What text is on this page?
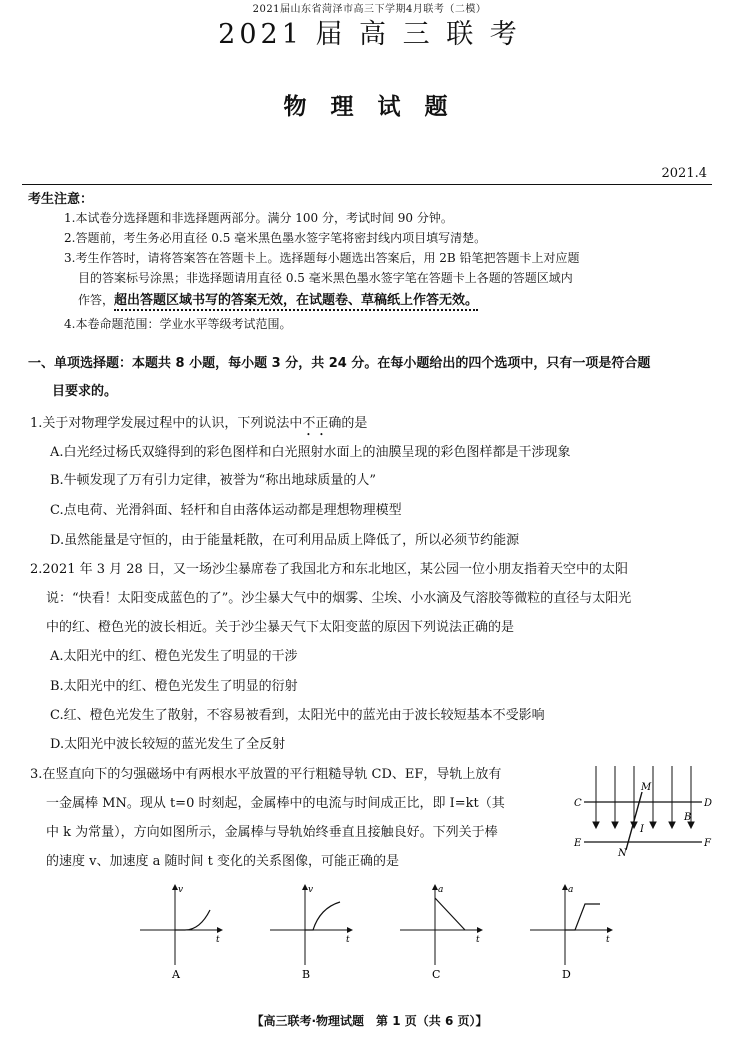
2021届山东省菏泽市高三下学期4月联考（二模）
2021 届 高 三 联 考
物 理 试 题
2021.4
考生注意：
1.本试卷分选择题和非选择题两部分。满分 100 分，考试时间 90 分钟。
2.答题前，考生务必用直径 0.5 毫米黑色墨水签字笔将密封线内项目填写清楚。
3.考生作答时，请将答案答在答题卡上。选择题每小题选出答案后，用 2B 铅笔把答题卡上对应题
目的答案标号涂黑；非选择题请用直径 0.5 毫米黑色墨水签字笔在答题卡上各题的答题区域内
作答，超出答题区域书写的答案无效，在试题卷、草稿纸上作答无效。
4.本卷命题范围：学业水平等级考试范围。
一、单项选择题：本题共 8 小题，每小题 3 分，共 24 分。在每小题给出的四个选项中，只有一项是符合题
目要求的。
1.关于对物理学发展过程中的认识，下列说法中不正确的是
A.白光经过杨氏双缝得到的彩色图样和白光照射水面上的油膜呈现的彩色图样都是干涉现象
B.牛顿发现了万有引力定律，被誉为“称出地球质量的人”
C.点电荷、光滑斜面、轻杆和自由落体运动都是理想物理模型
D.虽然能量是守恒的，由于能量耗散，在可利用品质上降低了，所以必须节约能源
2.2021 年 3 月 28 日，又一场沙尘暴席卷了我国北方和东北地区，某公园一位小朋友指着天空中的太阳
说：“快看！太阳变成蓝色的了”。沙尘暴大气中的烟雾、尘埃、小水滴及气溶胶等微粒的直径与太阳光
中的红、橙色光的波长相近。关于沙尘暴天气下太阳变蓝的原因下列说法正确的是
A.太阳光中的红、橙色光发生了明显的干涉
B.太阳光中的红、橙色光发生了明显的衍射
C.红、橙色光发生了散射，不容易被看到，太阳光中的蓝光由于波长较短基本不受影响
D.太阳光中波长较短的蓝光发生了全反射
3.在竖直向下的匀强磁场中有两根水平放置的平行粗糙导轨 CD、EF，导轨上放有
一金属棒 MN。现从 t=0 时刻起，金属棒中的电流与时间成正比，即 I=kt（其
中 k 为常量），方向如图所示，金属棒与导轨始终垂直且接触良好。下列关于棒
的速度 v、加速度 a 随时间 t 变化的关系图像，可能正确的是
C	D
E	F
M
N
B
I
v
t
A
v
t
B
a
t
C
a
t
D
【高三联考·物理试题　第 1 页（共 6 页）】
